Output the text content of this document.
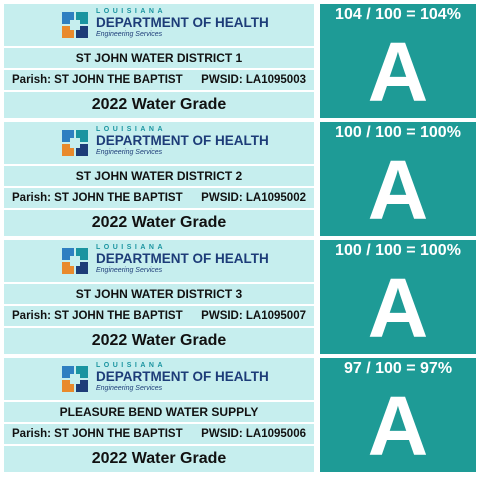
LOUISIANA
DEPARTMENT OF HEALTH
Engineering Services
ST JOHN WATER DISTRICT 1
Parish: ST JOHN THE BAPTIST PWSID: LA1095003
2022 Water Grade
104 / 100 = 104%
A
LOUISIANA
DEPARTMENT OF HEALTH
Engineering Services
ST JOHN WATER DISTRICT 2
Parish: ST JOHN THE BAPTIST PWSID: LA1095002
2022 Water Grade
100 / 100 = 100%
A
LOUISIANA
DEPARTMENT OF HEALTH
Engineering Services
ST JOHN WATER DISTRICT 3
Parish: ST JOHN THE BAPTIST PWSID: LA1095007
2022 Water Grade
100 / 100 = 100%
A
LOUISIANA
DEPARTMENT OF HEALTH
Engineering Services
PLEASURE BEND WATER SUPPLY
Parish: ST JOHN THE BAPTIST PWSID: LA1095006
2022 Water Grade
97 / 100 = 97%
A
